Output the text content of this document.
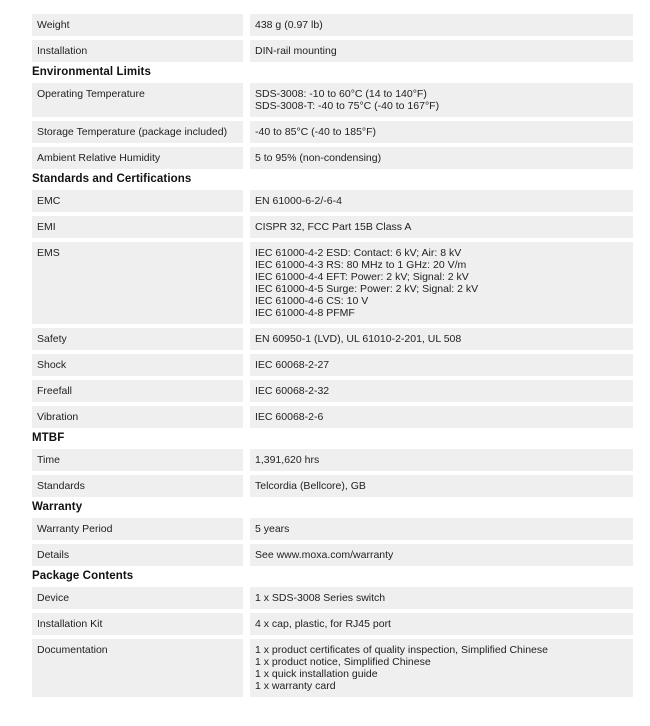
Weight	438 g (0.97 lb)
Installation	DIN-rail mounting
Environmental Limits
Operating Temperature	SDS-3008: -10 to 60°C (14 to 140°F)
SDS-3008-T: -40 to 75°C (-40 to 167°F)
Storage Temperature (package included)	-40 to 85°C (-40 to 185°F)
Ambient Relative Humidity	5 to 95% (non-condensing)
Standards and Certifications
EMC	EN 61000-6-2/-6-4
EMI	CISPR 32, FCC Part 15B Class A
EMS	IEC 61000-4-2 ESD: Contact: 6 kV; Air: 8 kV
IEC 61000-4-3 RS: 80 MHz to 1 GHz: 20 V/m
IEC 61000-4-4 EFT: Power: 2 kV; Signal: 2 kV
IEC 61000-4-5 Surge: Power: 2 kV; Signal: 2 kV
IEC 61000-4-6 CS: 10 V
IEC 61000-4-8 PFMF
Safety	EN 60950-1 (LVD), UL 61010-2-201, UL 508
Shock	IEC 60068-2-27
Freefall	IEC 60068-2-32
Vibration	IEC 60068-2-6
MTBF
Time	1,391,620 hrs
Standards	Telcordia (Bellcore), GB
Warranty
Warranty Period	5 years
Details	See www.moxa.com/warranty
Package Contents
Device	1 x SDS-3008 Series switch
Installation Kit	4 x cap, plastic, for RJ45 port
Documentation	1 x product certificates of quality inspection, Simplified Chinese
1 x product notice, Simplified Chinese
1 x quick installation guide
1 x warranty card
